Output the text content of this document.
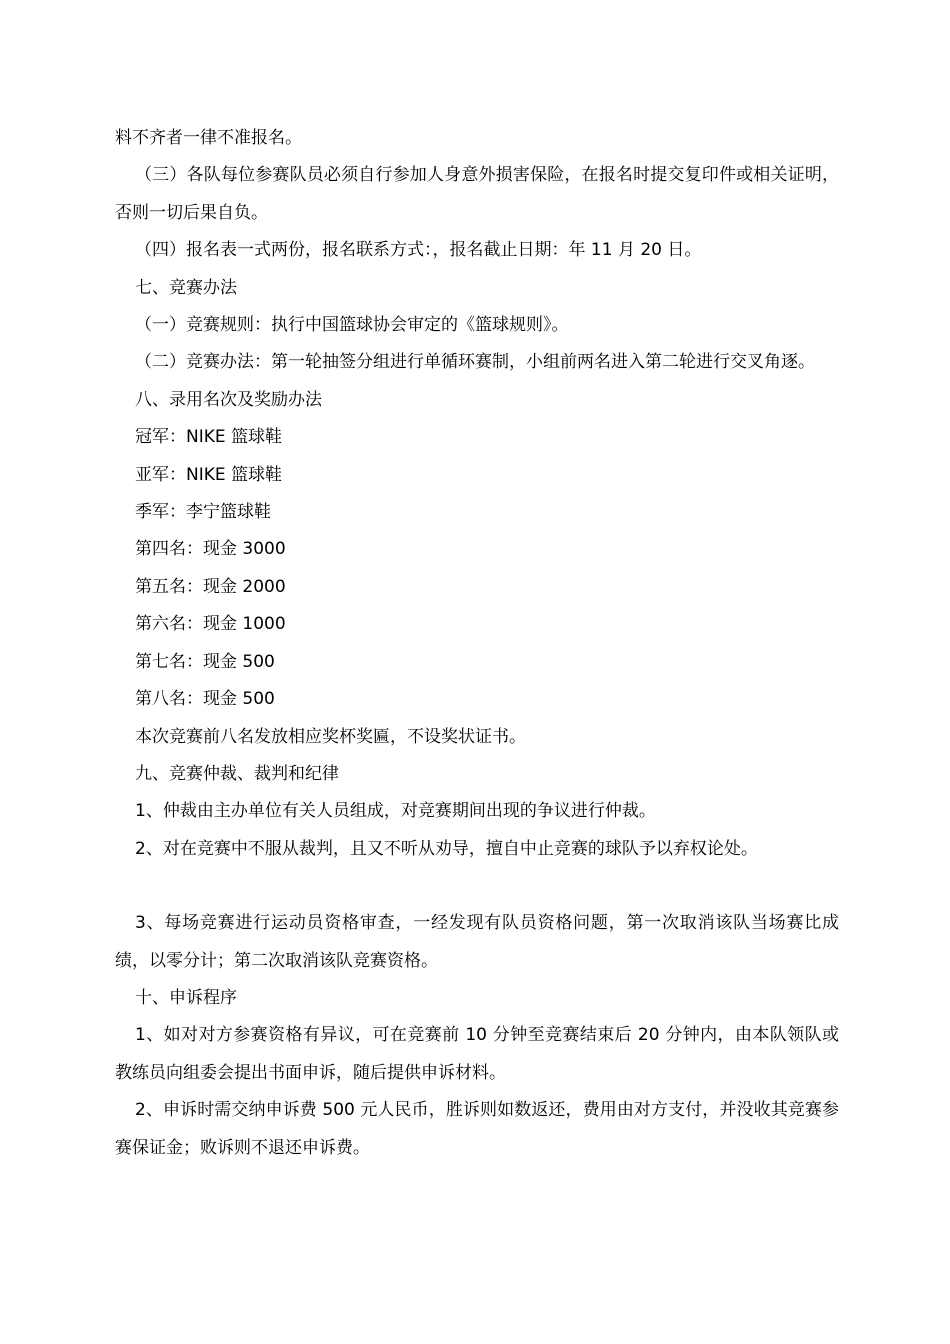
料不齐者一律不准报名。

（三）各队每位参赛队员必须自行参加人身意外损害保险，在报名时提交复印件或相关证明，否则一切后果自负。

（四）报名表一式两份，报名联系方式：，报名截止日期：年 11 月 20 日。

七、竞赛办法

（一）竞赛规则：执行中国篮球协会审定的《篮球规则》。

（二）竞赛办法：第一轮抽签分组进行单循环赛制，小组前两名进入第二轮进行交叉角逐。

八、录用名次及奖励办法

冠军：NIKE 篮球鞋

亚军：NIKE 篮球鞋

季军：李宁篮球鞋

第四名：现金 3000

第五名：现金 2000

第六名：现金 1000

第七名：现金 500

第八名：现金 500

本次竞赛前八名发放相应奖杯奖匾，不设奖状证书。

九、竞赛仲裁、裁判和纪律

1、仲裁由主办单位有关人员组成，对竞赛期间出现的争议进行仲裁。

2、对在竞赛中不服从裁判，且又不听从劝导，擅自中止竞赛的球队予以弃权论处。

3、每场竞赛进行运动员资格审查，一经发现有队员资格问题，第一次取消该队当场赛比成绩，以零分计；第二次取消该队竞赛资格。

十、申诉程序

1、如对对方参赛资格有异议，可在竞赛前 10 分钟至竞赛结束后 20 分钟内，由本队领队或教练员向组委会提出书面申诉，随后提供申诉材料。

2、申诉时需交纳申诉费 500 元人民币，胜诉则如数返还，费用由对方支付，并没收其竞赛参赛保证金；败诉则不退还申诉费。
